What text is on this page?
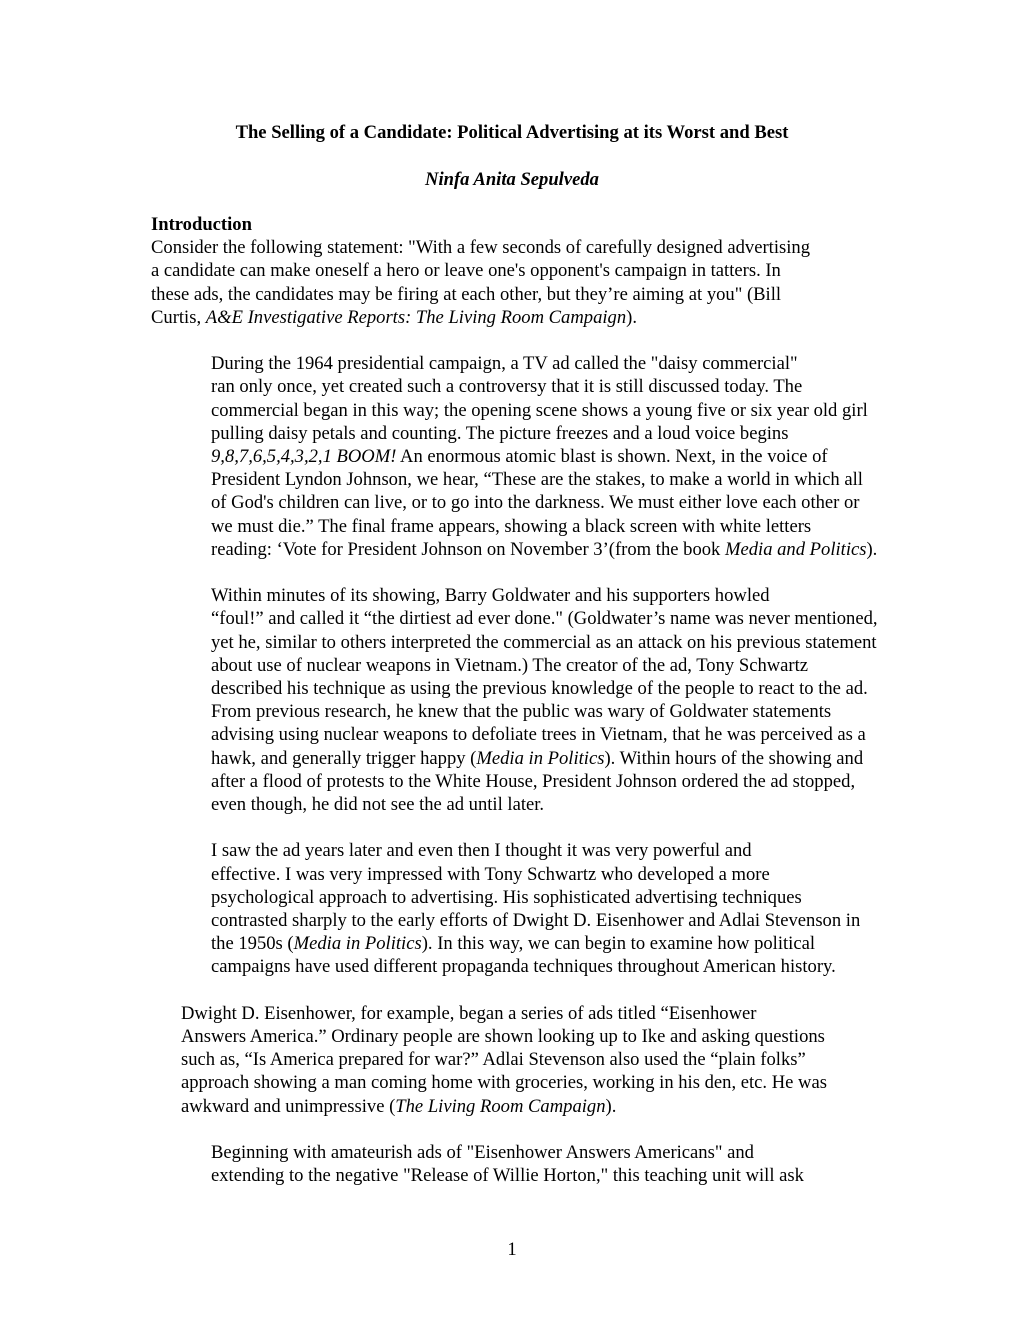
The Selling of a Candidate: Political Advertising at its Worst and Best

Ninfa Anita Sepulveda

Introduction

Consider the following statement: "With a few seconds of carefully designed advertising
a candidate can make oneself a hero or leave one's opponent's campaign in tatters. In
these ads, the candidates may be firing at each other, but they’re aiming at you" (Bill
Curtis, A&E Investigative Reports: The Living Room Campaign).

During the 1964 presidential campaign, a TV ad called the "daisy commercial"
ran only once, yet created such a controversy that it is still discussed today. The
commercial began in this way; the opening scene shows a young five or six year old girl
pulling daisy petals and counting. The picture freezes and a loud voice begins
9,8,7,6,5,4,3,2,1 BOOM! An enormous atomic blast is shown. Next, in the voice of
President Lyndon Johnson, we hear, “These are the stakes, to make a world in which all
of God's children can live, or to go into the darkness. We must either love each other or
we must die.” The final frame appears, showing a black screen with white letters
reading: ‘Vote for President Johnson on November 3’(from the book Media and Politics).

Within minutes of its showing, Barry Goldwater and his supporters howled
“foul!” and called it “the dirtiest ad ever done." (Goldwater’s name was never mentioned,
yet he, similar to others interpreted the commercial as an attack on his previous statement
about use of nuclear weapons in Vietnam.) The creator of the ad, Tony Schwartz
described his technique as using the previous knowledge of the people to react to the ad.
From previous research, he knew that the public was wary of Goldwater statements
advising using nuclear weapons to defoliate trees in Vietnam, that he was perceived as a
hawk, and generally trigger happy (Media in Politics). Within hours of the showing and
after a flood of protests to the White House, President Johnson ordered the ad stopped,
even though, he did not see the ad until later.

I saw the ad years later and even then I thought it was very powerful and
effective. I was very impressed with Tony Schwartz who developed a more
psychological approach to advertising. His sophisticated advertising techniques
contrasted sharply to the early efforts of Dwight D. Eisenhower and Adlai Stevenson in
the 1950s (Media in Politics). In this way, we can begin to examine how political
campaigns have used different propaganda techniques throughout American history.

Dwight D. Eisenhower, for example, began a series of ads titled “Eisenhower
Answers America.” Ordinary people are shown looking up to Ike and asking questions
such as, “Is America prepared for war?” Adlai Stevenson also used the “plain folks”
approach showing a man coming home with groceries, working in his den, etc. He was
awkward and unimpressive (The Living Room Campaign).

Beginning with amateurish ads of "Eisenhower Answers Americans" and
extending to the negative "Release of Willie Horton," this teaching unit will ask

1
